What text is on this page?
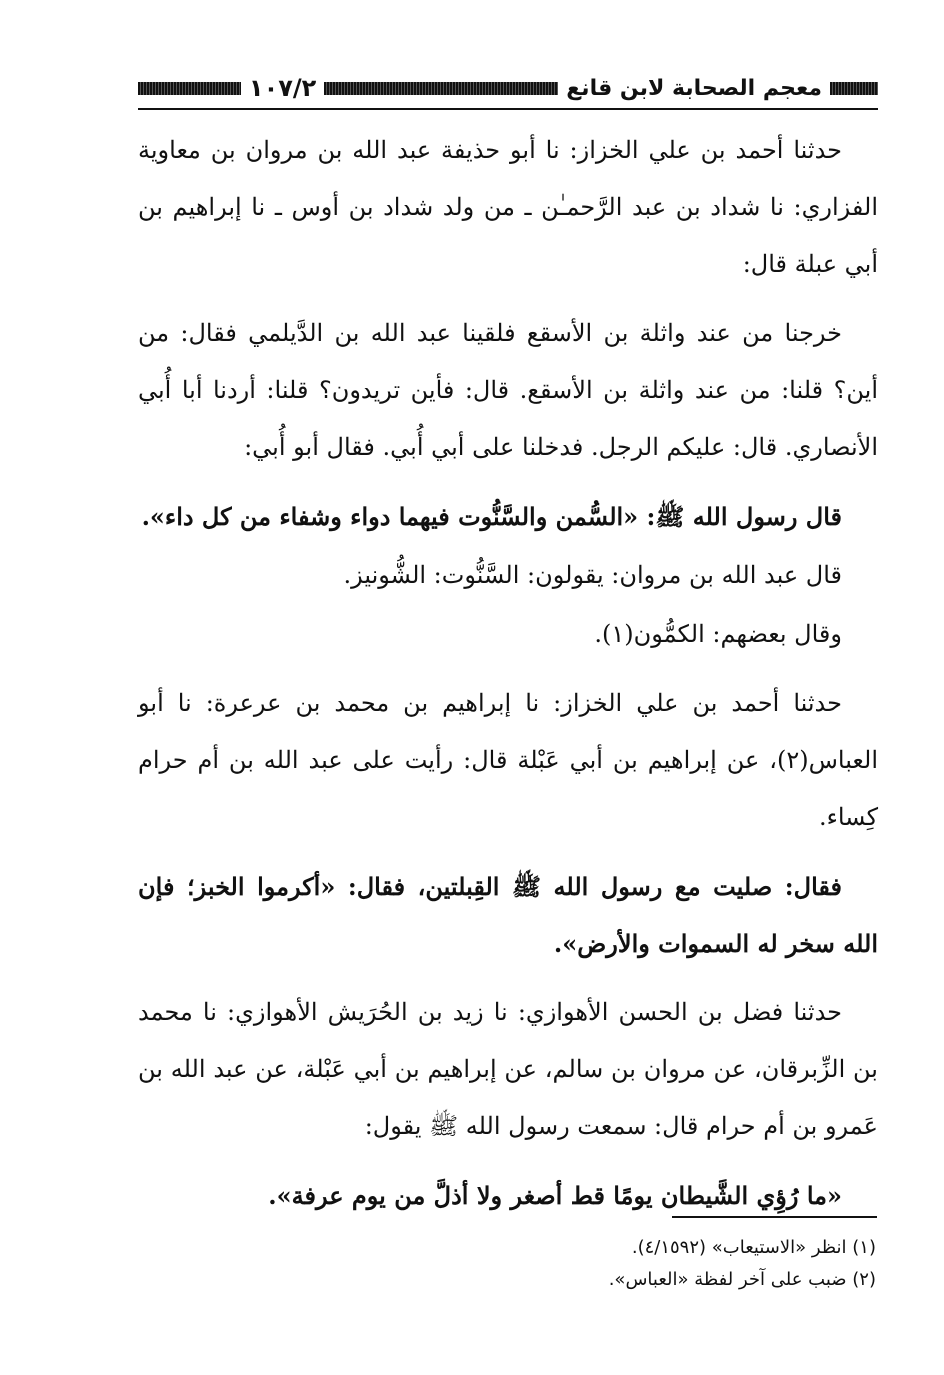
معجم الصحابة لابن قانع
١٠٧/٢

حدثنا أحمد بن علي الخزاز: نا أبو حذيفة عبد الله بن مروان بن معاوية الفزاري: نا شداد بن عبد الرَّحمـٰن ـ من ولد شداد بن أوس ـ نا إبراهيم بن أبي عبلة قال:

خرجنا من عند واثلة بن الأسقع فلقينا عبد الله بن الدَّيلمي فقال: من أين؟ قلنا: من عند واثلة بن الأسقع. قال: فأين تريدون؟ قلنا: أردنا أبا أُبي الأنصاري. قال: عليكم الرجل. فدخلنا على أبي أُبي. فقال أبو أُبي:

قال رسول الله ﷺ: «السُّمن والسَّنُّوت فيهما دواء وشفاء من كل داء».

قال عبد الله بن مروان: يقولون: السَّنُّوت: الشُّونيز.

وقال بعضهم: الكمُّون(١).

حدثنا أحمد بن علي الخزاز: نا إبراهيم بن محمد بن عرعرة: نا أبو العباس(٢)، عن إبراهيم بن أبي عَبْلة قال: رأيت على عبد الله بن أم حرام كِساء.

فقال: صليت مع رسول الله ﷺ القِبلتين، فقال: «أكرموا الخبز؛ فإن الله سخر له السموات والأرض».

حدثنا فضل بن الحسن الأهوازي: نا زيد بن الحُرَيش الأهوازي: نا محمد بن الزِّبرقان، عن مروان بن سالم، عن إبراهيم بن أبي عَبْلة، عن عبد الله بن عَمرو بن أم حرام قال: سمعت رسول الله ﷺ يقول:

«ما رُؤِي الشَّيطان يومًا قط أصغر ولا أذلَّ من يوم عرفة».

(١) انظر «الاستيعاب» (٤/١٥٩٢).

(٢) ضبب على آخر لفظة «العباس».
